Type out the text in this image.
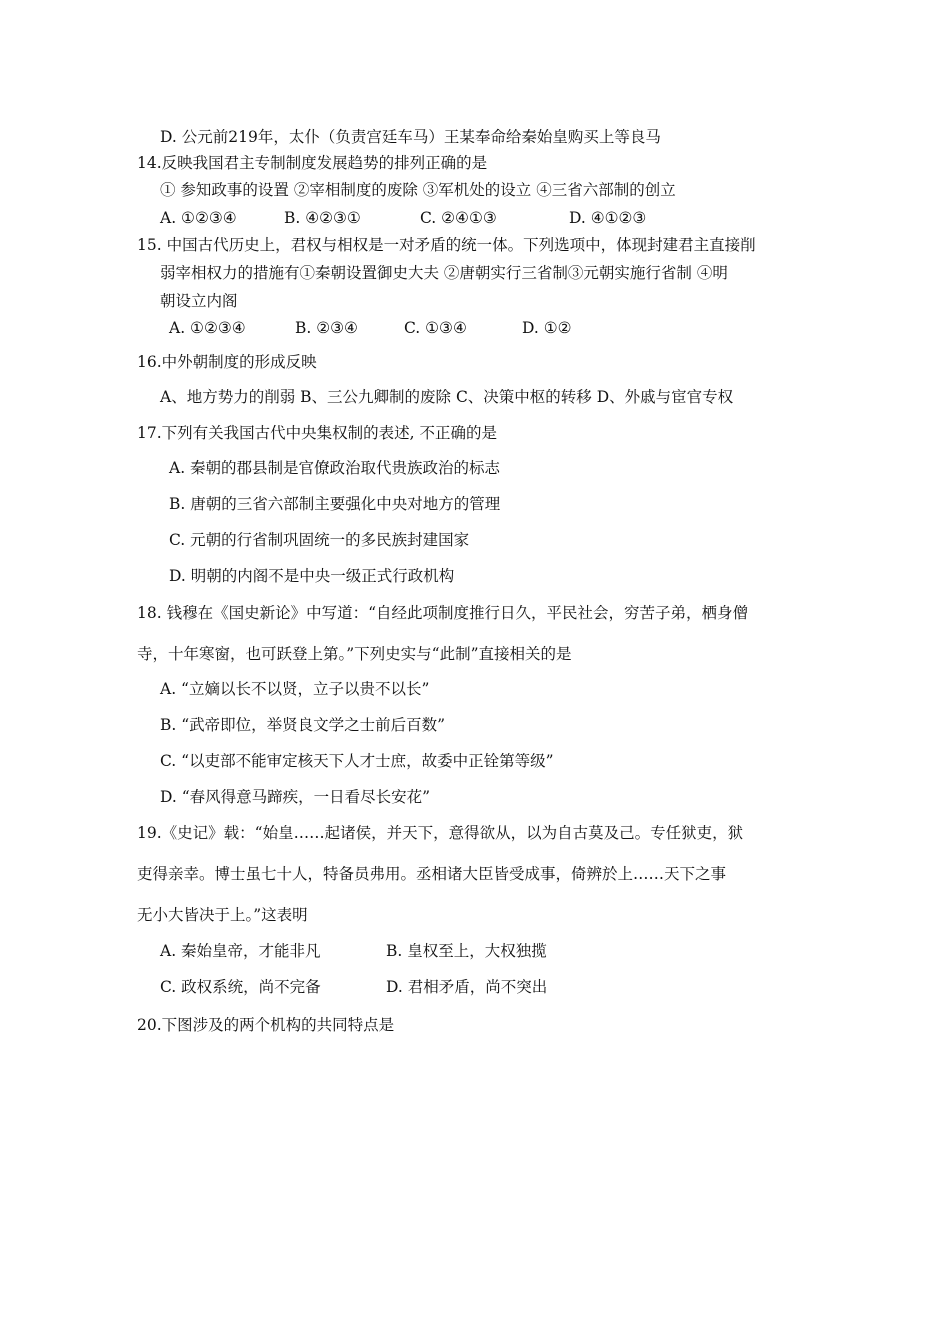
D. 公元前219年，太仆（负责宫廷车马）王某奉命给秦始皇购买上等良马
14.反映我国君主专制制度发展趋势的排列正确的是
① 参知政事的设置 ②宰相制度的废除 ③军机处的设立 ④三省六部制的创立
A. ①②③④	B. ④②③①	C. ②④①③	D. ④①②③
15. 中国古代历史上，君权与相权是一对矛盾的统一体。下列选项中，体现封建君主直接削
弱宰相权力的措施有①秦朝设置御史大夫 ②唐朝实行三省制③元朝实施行省制 ④明
朝设立内阁
A. ①②③④	B. ②③④	C. ①③④	D. ①②
16.中外朝制度的形成反映
A、地方势力的削弱 B、三公九卿制的废除 C、决策中枢的转移 D、外戚与宦官专权
17.下列有关我国古代中央集权制的表述, 不正确的是
A. 秦朝的郡县制是官僚政治取代贵族政治的标志
B. 唐朝的三省六部制主要强化中央对地方的管理
C. 元朝的行省制巩固统一的多民族封建国家
D. 明朝的内阁不是中央一级正式行政机构
18. 钱穆在《国史新论》中写道：“自经此项制度推行日久，平民社会，穷苦子弟，栖身僧
寺，十年寒窗，也可跃登上第。”下列史实与“此制”直接相关的是
A. “立嫡以长不以贤，立子以贵不以长”
B. “武帝即位，举贤良文学之士前后百数”
C. “以吏部不能审定核天下人才士庶，故委中正铨第等级”
D. “春风得意马蹄疾，一日看尽长安花”
19.《史记》载：“始皇……起诸侯，并天下，意得欲从，以为自古莫及己。专任狱吏，狱
吏得亲幸。博士虽七十人，特备员弗用。丞相诸大臣皆受成事，倚辨於上……天下之事
无小大皆决于上。”这表明
A. 秦始皇帝，才能非凡	B. 皇权至上，大权独揽
C. 政权系统，尚不完备	D. 君相矛盾，尚不突出
20.下图涉及的两个机构的共同特点是
